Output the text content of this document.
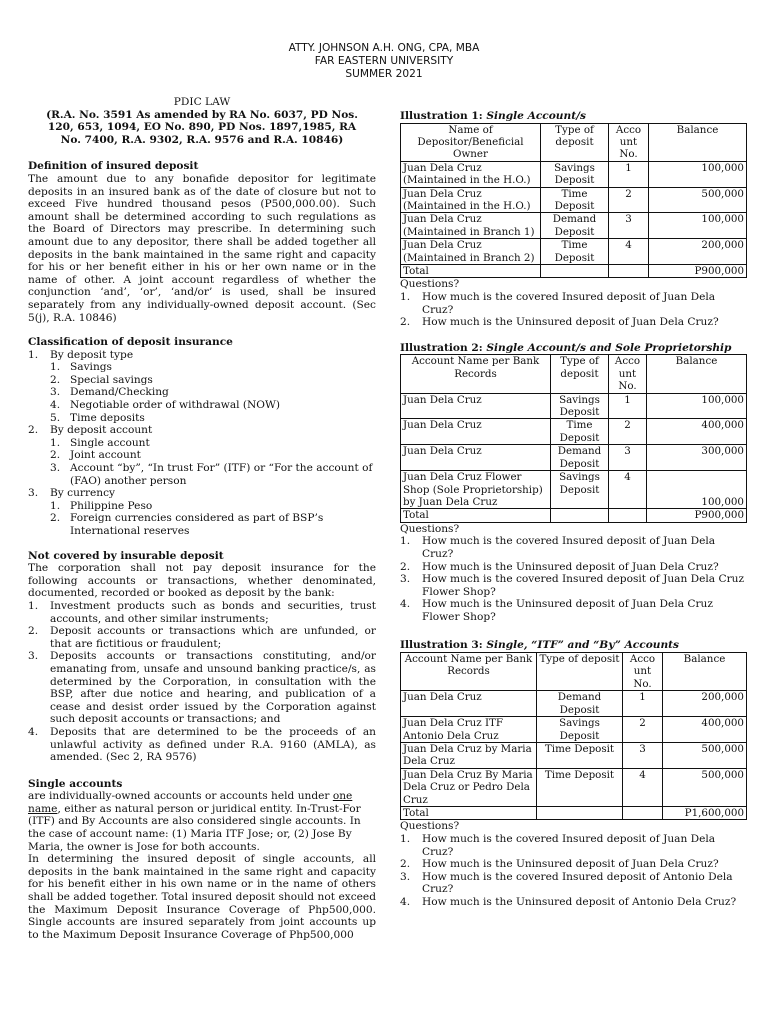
ATTY. JOHNSON A.H. ONG, CPA, MBA
FAR EASTERN UNIVERSITY
SUMMER 2021
PDIC LAW
(R.A. No. 3591 As amended by RA No. 6037, PD Nos. 120, 653, 1094, EO No. 890, PD Nos. 1897,1985, RA No. 7400, R.A. 9302, R.A. 9576 and R.A. 10846)
Definition of insured deposit

The amount due to any bonafide depositor for legitimate deposits in an insured bank as of the date of closure but not to exceed Five hundred thousand pesos (P500,000.00). Such amount shall be determined according to such regulations as the Board of Directors may prescribe. In determining such amount due to any depositor, there shall be added together all deposits in the bank maintained in the same right and capacity for his or her benefit either in his or her own name or in the name of other. A joint account regardless of whether the conjunction ‘and’, ‘or’, ‘and/or’ is used, shall be insured separately from any individually-owned deposit account. (Sec 5(j), R.A. 10846)

Classification of deposit insurance
1.	By deposit type
1. Savings
2. Special savings
3. Demand/Checking
4. Negotiable order of withdrawal (NOW)
5. Time deposits
2.	By deposit account
1. Single account
2. Joint account
3. Account “by”, “In trust For” (ITF) or “For the account of (FAO) another person
3.	By currency
1. Philippine Peso
2. Foreign currencies considered as part of BSP’s International reserves
Not covered by insurable deposit

The corporation shall not pay deposit insurance for the following accounts or transactions, whether denominated, documented, recorded or booked as deposit by the bank:

1.	Investment products such as bonds and securities, trust accounts, and other similar instruments;
2.	Deposit accounts or transactions which are unfunded, or that are fictitious or fraudulent;
3.	Deposits accounts or transactions constituting, and/or emanating from, unsafe and unsound banking practice/s, as determined by the Corporation, in consultation with the BSP, after due notice and hearing, and publication of a cease and desist order issued by the Corporation against such deposit accounts or transactions; and
4.	Deposits that are determined to be the proceeds of an unlawful activity as defined under R.A. 9160 (AMLA), as amended. (Sec 2, RA 9576)
Single accounts

are individually-owned accounts or accounts held under one name, either as natural person or juridical entity. In-Trust-For (ITF) and By Accounts are also considered single accounts. In the case of account name: (1) Maria ITF Jose; or, (2) Jose By Maria, the owner is Jose for both accounts.

In determining the insured deposit of single accounts, all deposits in the bank maintained in the same right and capacity for his benefit either in his own name or in the name of others shall be added together. Total insured deposit should not exceed the Maximum Deposit Insurance Coverage of Php500,000. Single accounts are insured separately from joint accounts up to the Maximum Deposit Insurance Coverage of Php500,000

Illustration 1: Single Account/s
Name of Depositor/Beneficial Owner	Type of deposit	Acco unt No.	Balance
Juan Dela Cruz (Maintained in the H.O.)	Savings Deposit	1	100,000
Juan Dela Cruz (Maintained in the H.O.)	Time Deposit	2	500,000
Juan Dela Cruz (Maintained in Branch 1)	Demand Deposit	3	100,000
Juan Dela Cruz (Maintained in Branch 2)	Time Deposit	4	200,000
Total			P900,000
Questions?
1.	How much is the covered Insured deposit of Juan Dela Cruz?
2.	How much is the Uninsured deposit of Juan Dela Cruz?
Illustration 2: Single Account/s and Sole Proprietorship
Account Name per Bank Records	Type of deposit	Acco unt No.	Balance
Juan Dela Cruz	Savings Deposit	1	100,000
Juan Dela Cruz	Time Deposit	2	400,000
Juan Dela Cruz	Demand Deposit	3	300,000
Juan Dela Cruz Flower Shop (Sole Proprietorship) by Juan Dela Cruz	Savings Deposit	4	100,000
Total			P900,000
Questions?
1.	How much is the covered Insured deposit of Juan Dela Cruz?
2.	How much is the Uninsured deposit of Juan Dela Cruz?
3.	How much is the covered Insured deposit of Juan Dela Cruz Flower Shop?
4.	How much is the Uninsured deposit of Juan Dela Cruz Flower Shop?
Illustration 3: Single, “ITF” and “By” Accounts
Account Name per Bank Records	Type of deposit	Acco unt No.	Balance
Juan Dela Cruz	Demand Deposit	1	200,000
Juan Dela Cruz ITF Antonio Dela Cruz	Savings Deposit	2	400,000
Juan Dela Cruz by Maria Dela Cruz	Time Deposit	3	500,000
Juan Dela Cruz By Maria Dela Cruz or Pedro Dela Cruz	Time Deposit	4	500,000
Total			P1,600,000
Questions?
1.	How much is the covered Insured deposit of Juan Dela Cruz?
2.	How much is the Uninsured deposit of Juan Dela Cruz?
3.	How much is the covered Insured deposit of Antonio Dela Cruz?
4.	How much is the Uninsured deposit of Antonio Dela Cruz?
